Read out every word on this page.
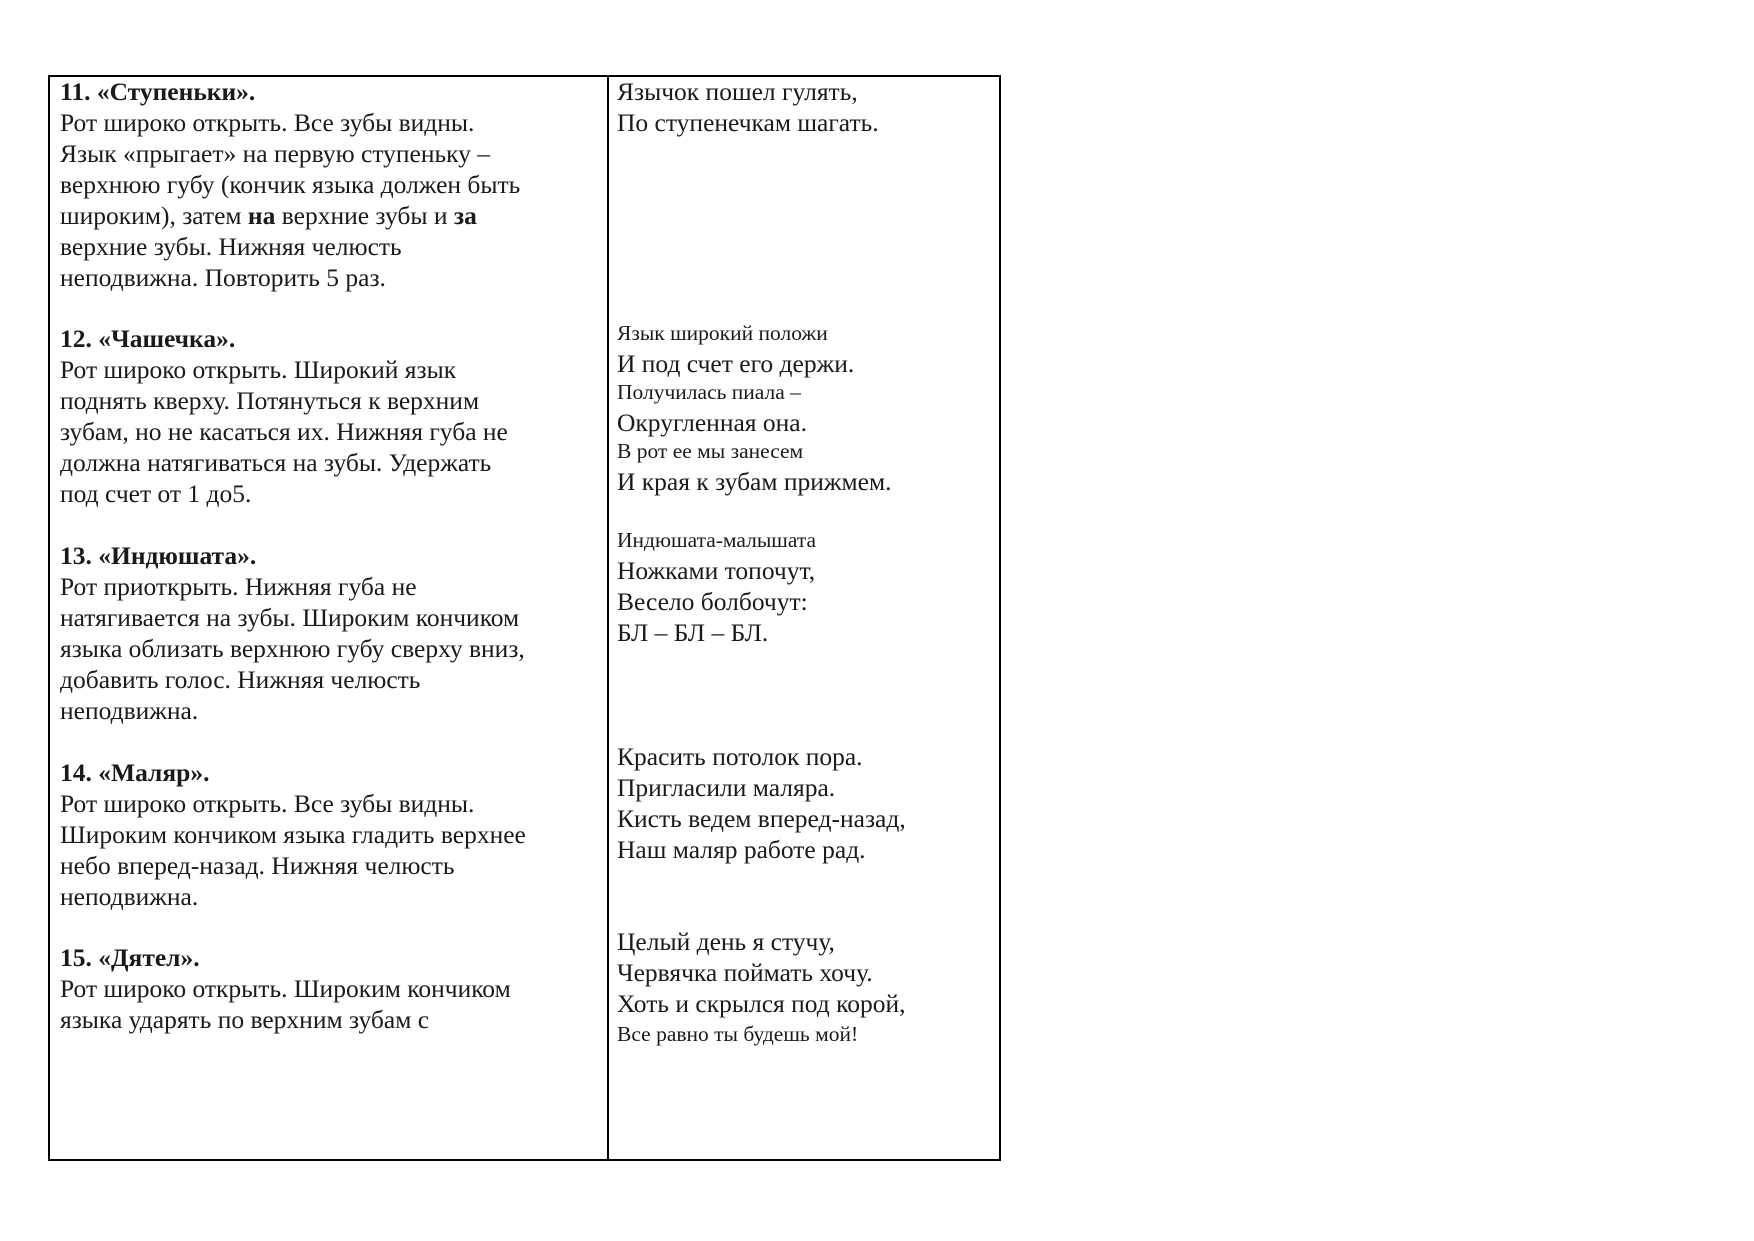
11. «Ступеньки».
Рот широко открыть. Все зубы видны.
Язык «прыгает» на первую ступеньку –
верхнюю губу (кончик языка должен быть
широким), затем на верхние зубы и за
верхние зубы. Нижняя челюсть
неподвижна. Повторить 5 раз.
12. «Чашечка».
Рот широко открыть. Широкий язык
поднять кверху. Потянуться к верхним
зубам, но не касаться их. Нижняя губа не
должна натягиваться на зубы. Удержать
под счет от 1 до5.
13. «Индюшата».
Рот приоткрыть. Нижняя губа не
натягивается на зубы. Широким кончиком
языка облизать верхнюю губу сверху вниз,
добавить голос. Нижняя челюсть
неподвижна.
14. «Маляр».
Рот широко открыть. Все зубы видны.
Широким кончиком языка гладить верхнее
небо вперед-назад. Нижняя челюсть
неподвижна.
15. «Дятел».
Рот широко открыть. Широким кончиком
языка ударять по верхним зубам с
Язычок пошел гулять,
По ступенечкам шагать.
Язык широкий положи
И под счет его держи.
Получилась пиала –
Округленная она.
В рот ее мы занесем
И края к зубам прижмем.
Индюшата-малышата
Ножками топочут,
Весело болбочут:
БЛ – БЛ – БЛ.
Красить потолок пора.
Пригласили маляра.
Кисть ведем вперед-назад,
Наш маляр работе рад.
Целый день я стучу,
Червячка поймать хочу.
Хоть и скрылся под корой,
Все равно ты будешь мой!
